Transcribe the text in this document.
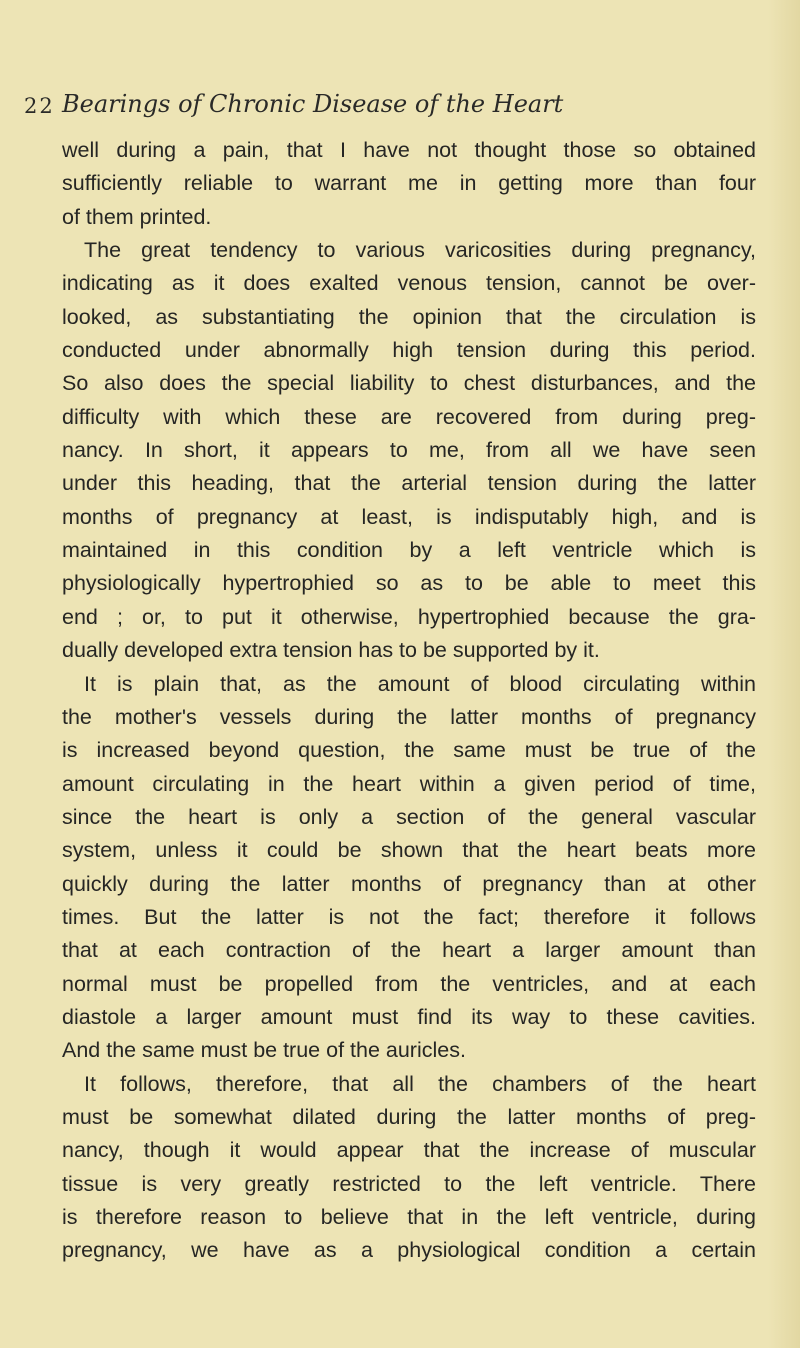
22 Bearings of Chronic Disease of the Heart
well during a pain, that I have not thought those so obtained
sufficiently reliable to warrant me in getting more than four
of them printed.
The great tendency to various varicosities during pregnancy,
indicating as it does exalted venous tension, cannot be over-
looked, as substantiating the opinion that the circulation is
conducted under abnormally high tension during this period.
So also does the special liability to chest disturbances, and the
difficulty with which these are recovered from during preg-
nancy. In short, it appears to me, from all we have seen
under this heading, that the arterial tension during the latter
months of pregnancy at least, is indisputably high, and is
maintained in this condition by a left ventricle which is
physiologically hypertrophied so as to be able to meet this
end ; or, to put it otherwise, hypertrophied because the gra-
dually developed extra tension has to be supported by it.
It is plain that, as the amount of blood circulating within
the mother's vessels during the latter months of pregnancy
is increased beyond question, the same must be true of the
amount circulating in the heart within a given period of time,
since the heart is only a section of the general vascular
system, unless it could be shown that the heart beats more
quickly during the latter months of pregnancy than at other
times. But the latter is not the fact; therefore it follows
that at each contraction of the heart a larger amount than
normal must be propelled from the ventricles, and at each
diastole a larger amount must find its way to these cavities.
And the same must be true of the auricles.
It follows, therefore, that all the chambers of the heart
must be somewhat dilated during the latter months of preg-
nancy, though it would appear that the increase of muscular
tissue is very greatly restricted to the left ventricle. There
is therefore reason to believe that in the left ventricle, during
pregnancy, we have as a physiological condition a certain
